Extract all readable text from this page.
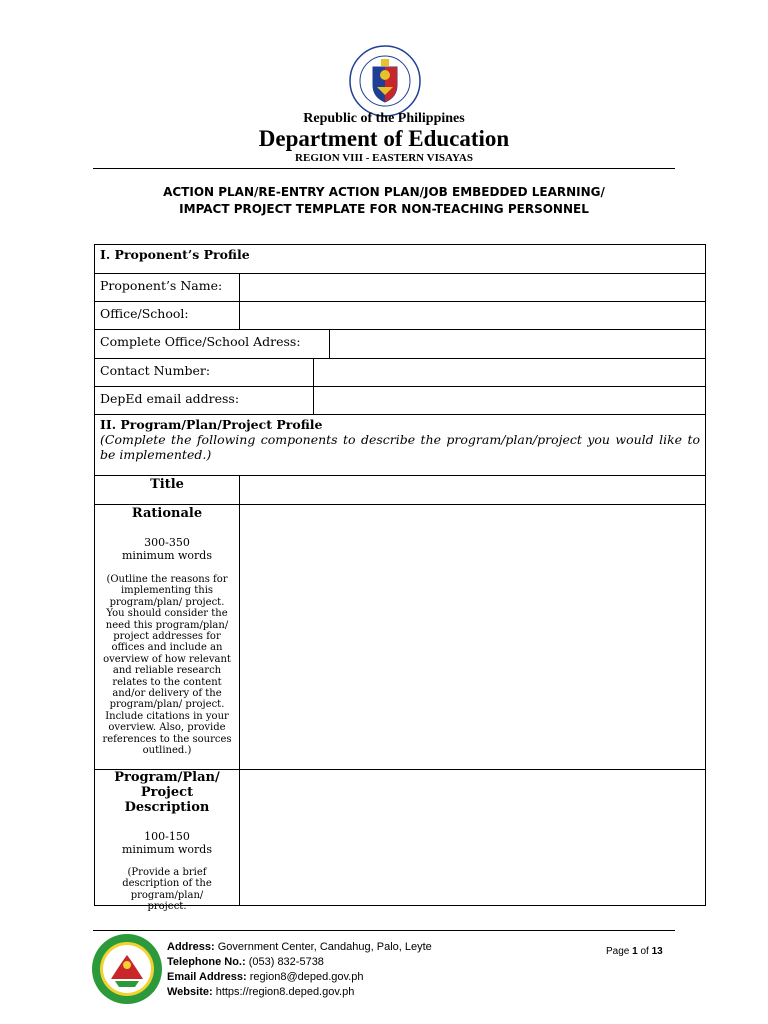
Republic of the Philippines
Department of Education
REGION VIII - EASTERN VISAYAS
ACTION PLAN/RE-ENTRY ACTION PLAN/JOB EMBEDDED LEARNING/
IMPACT PROJECT TEMPLATE FOR NON-TEACHING PERSONNEL
I. Proponent’s Profile
Proponent’s Name:
Office/School:
Complete Office/School Adress:
Contact Number:
DepEd email address:
II. Program/Plan/Project Profile
(Complete the following components to describe the program/plan/project you would like to be implemented.)
Title
Rationale
300-350 minimum words
(Outline the reasons for implementing this program/plan/ project. You should consider the need this program/plan/ project addresses for offices and include an overview of how relevant and reliable research relates to the content and/or delivery of the program/plan/ project. Include citations in your overview. Also, provide references to the sources outlined.)
Program/Plan/
Project
Description
100-150 minimum words
(Provide a brief description of the program/plan/ project.
Address: Government Center, Candahug, Palo, Leyte
Telephone No.: (053) 832-5738
Email Address: region8@deped.gov.ph
Website: https://region8.deped.gov.ph
Page 1 of 13
